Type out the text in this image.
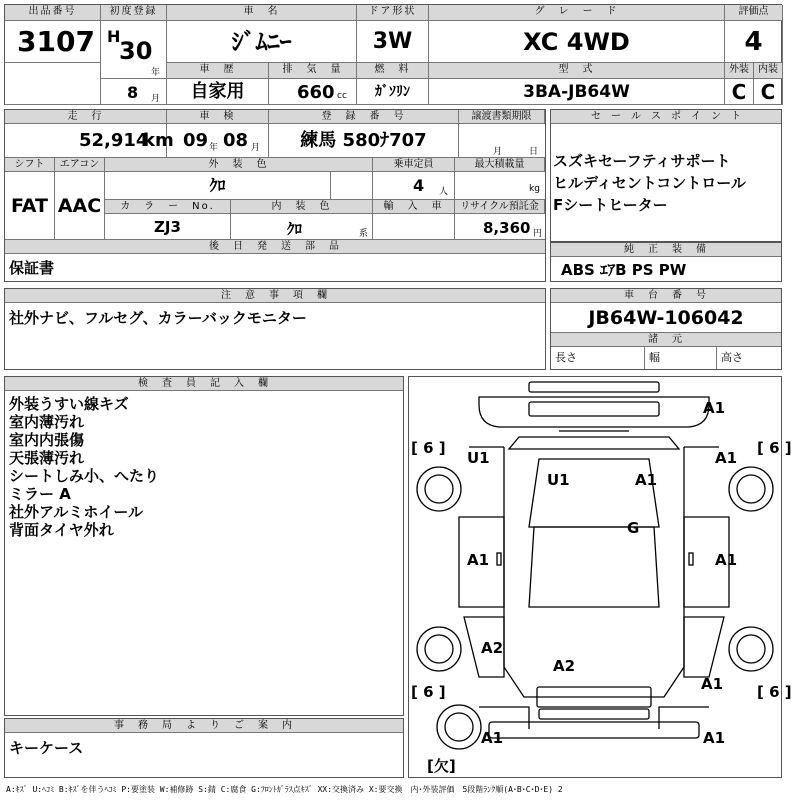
出品番号
3107
初度登録
H
30
年
8 月
車　名
ｼﾞﾑﾆｰ
ドア形状
3W
グ　レ　ー　ド
XC 4WD
評価点
4
車　歴
自家用
排　気　量
660 cc
燃　料
ｶﾞｿﾘﾝ
型　式
3BA-JB64W
外装 内装
C C
走　行
52,914
km
車　検
09 年 08 月
登　録　番　号
練馬 580ﾅ707
譲渡書類期限
月	日
シフト	エアコン	外　装　色	乗車定員	最大積載量
FAT AAC
ｸﾛ	4 人	kg
カ　ラ　ー　No.	内　装　色	輸　入　車	リサイクル預託金
ZJ3	ｸﾛ	系	8,360 円
後　日　発　送　部　品
保証書
セ　ー　ル　ス　ポ　イ　ン　ト
スズキセーフティサポート
ヒルディセントコントロール
Fシートヒーター
純　正　装　備
ABS ｴｱB PS PW
注　意　事　項　欄
社外ナビ、フルセグ、カラーバックモニター
車　台　番　号
JB64W-106042
諸　元
長さ	幅	高さ
検　査　員　記　入　欄
外装うすい線キズ
室内薄汚れ
室内内張傷
天張薄汚れ
シートしみ小、へたり
ミラー A
社外アルミホイール
背面タイヤ外れ
事　務　局　よ　り　ご　案　内
キーケース
[ 6 ]	[ 6 ]
[ 6 ]	[ 6 ]
[欠]
A1
U1	A1
U1	A1
G
A1	A1
A2
A2
A1
A1	A1
A:ｷｽﾞ U:ﾍｺﾐ B:ｷｽﾞを伴うﾍｺﾐ P:要塗装 W:補修跡 S:錆 C:腐食 G:ﾌﾛﾝﾄｶﾞﾗｽ点ｷｽﾞ XX:交換済み X:要交換　内･外装評価　5段階ﾗﾝｸ順(A･B･C･D･E) 2
